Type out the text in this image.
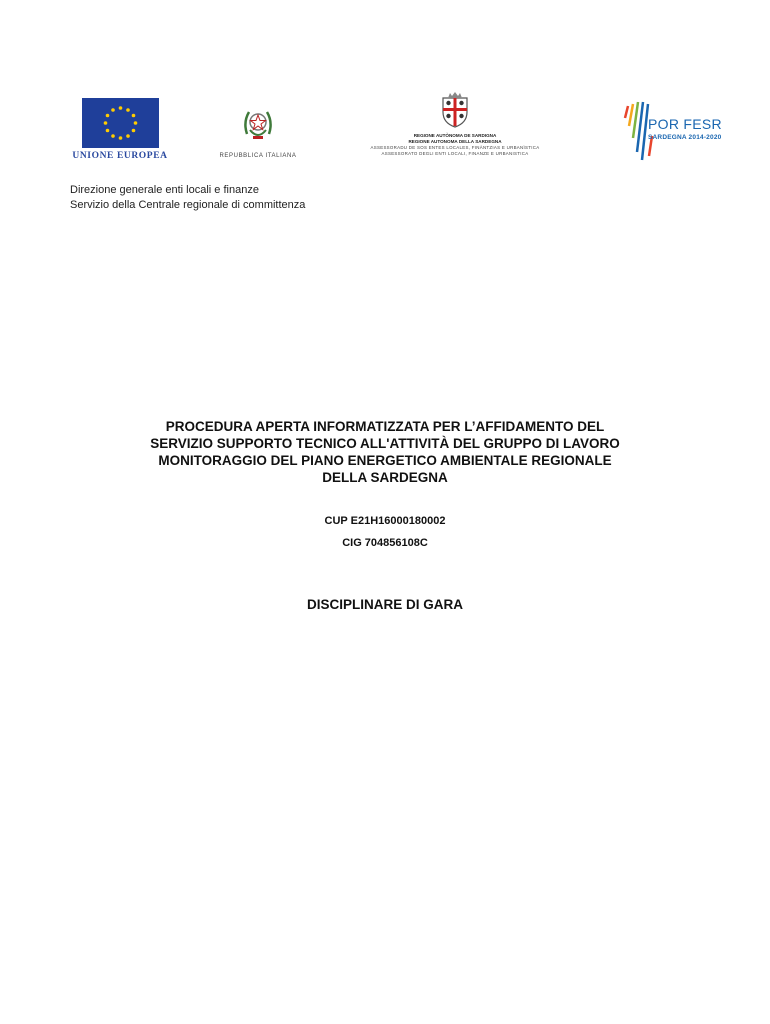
UNIONE EUROPEA	REPUBBLICA ITALIANA
REGIONE AUTÒNOMA DE SARDIGNA
REGIONE AUTONOMA DELLA SARDEGNA
ASSESSORADU DE SOS ENTES LOCALES, FINÀNTZIAS E URBANÌSTICA
ASSESSORATO DEGLI ENTI LOCALI, FINANZE E URBANISTICA
POR FESR
SARDEGNA 2014-2020
Direzione generale enti locali e finanze
Servizio della Centrale regionale di committenza
PROCEDURA APERTA INFORMATIZZATA PER L’AFFIDAMENTO DEL
SERVIZIO SUPPORTO TECNICO ALL'ATTIVITÀ DEL GRUPPO DI LAVORO
MONITORAGGIO DEL PIANO ENERGETICO AMBIENTALE REGIONALE
DELLA SARDEGNA
CUP E21H16000180002
CIG 704856108C
DISCIPLINARE DI GARA
